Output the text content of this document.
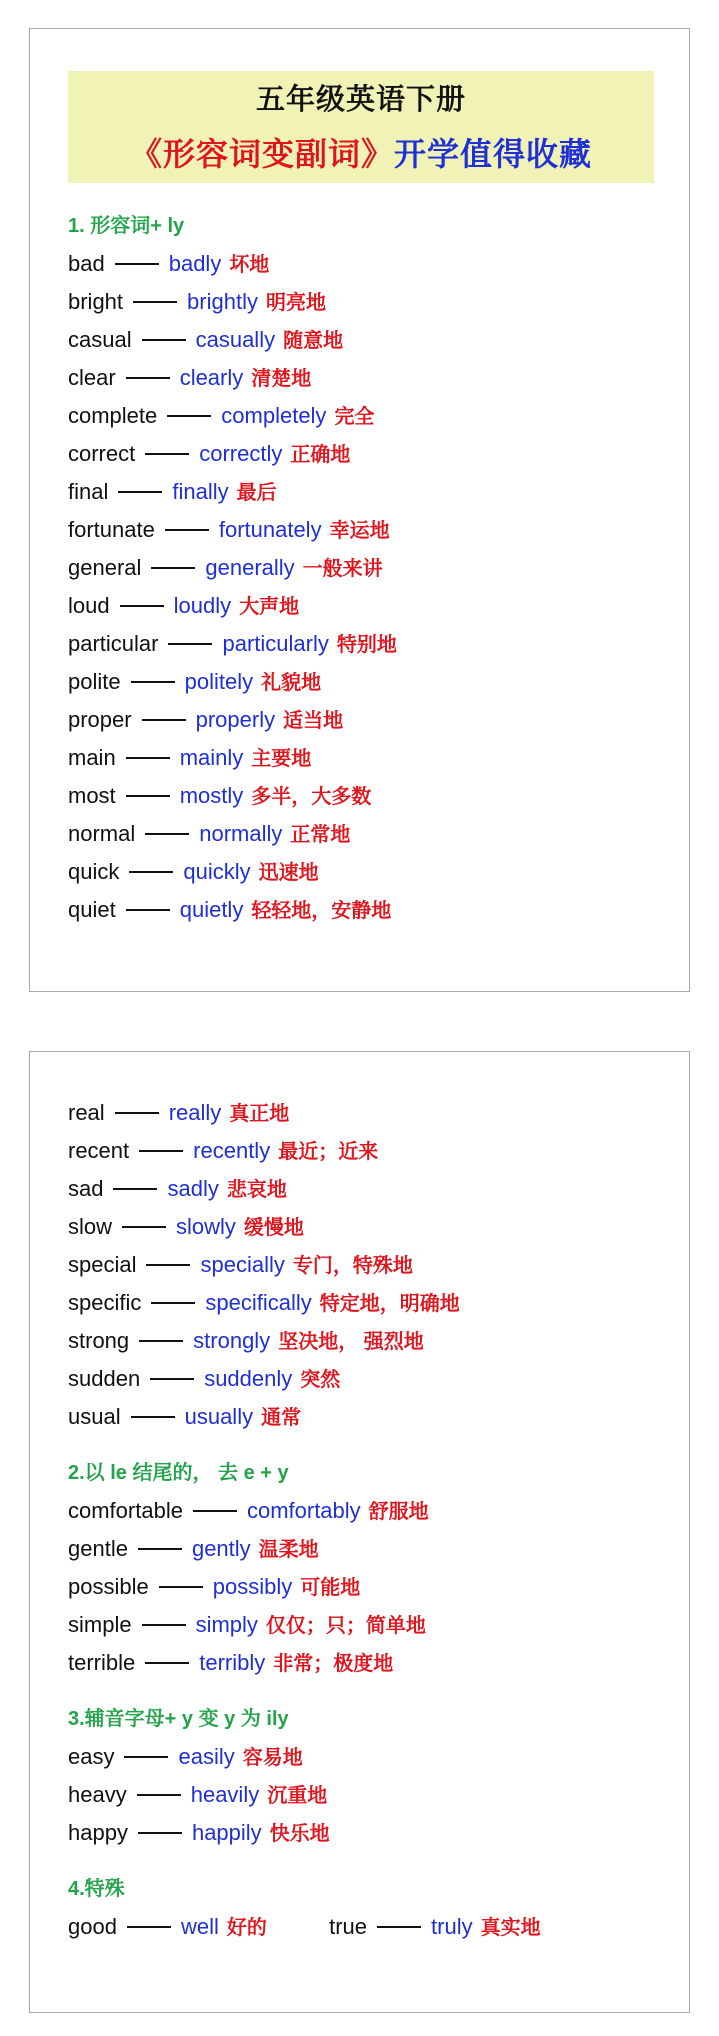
五年级英语下册
《形容词变副词》开学值得收藏
1. 形容词+ ly
bad	badly 坏地
bright	brightly 明亮地
casual	casually 随意地
clear	clearly 清楚地
complete	completely 完全
correct	correctly 正确地
final	finally 最后
fortunate	fortunately 幸运地
general	generally 一般来讲
loud	loudly 大声地
particular	particularly 特别地
polite	politely 礼貌地
proper	properly 适当地
main	mainly 主要地
most	mostly 多半，大多数
normal	normally 正常地
quick	quickly 迅速地
quiet	quietly 轻轻地，安静地
real	really 真正地
recent	recently 最近；近来
sad	sadly 悲哀地
slow	slowly 缓慢地
special	specially 专门，特殊地
specific	specifically 特定地，明确地
strong	strongly 坚决地， 强烈地
sudden	suddenly 突然
usual	usually 通常
2.以 le 结尾的， 去 e + y
comfortable	comfortably 舒服地
gentle	gently 温柔地
possible	possibly 可能地
simple	simply 仅仅；只；简单地
terrible	terribly 非常；极度地
3.辅音字母+ y 变 y 为 ily
easy	easily 容易地
heavy	heavily 沉重地
happy	happily 快乐地
4.特殊
good	well 好的	true	truly 真实地
